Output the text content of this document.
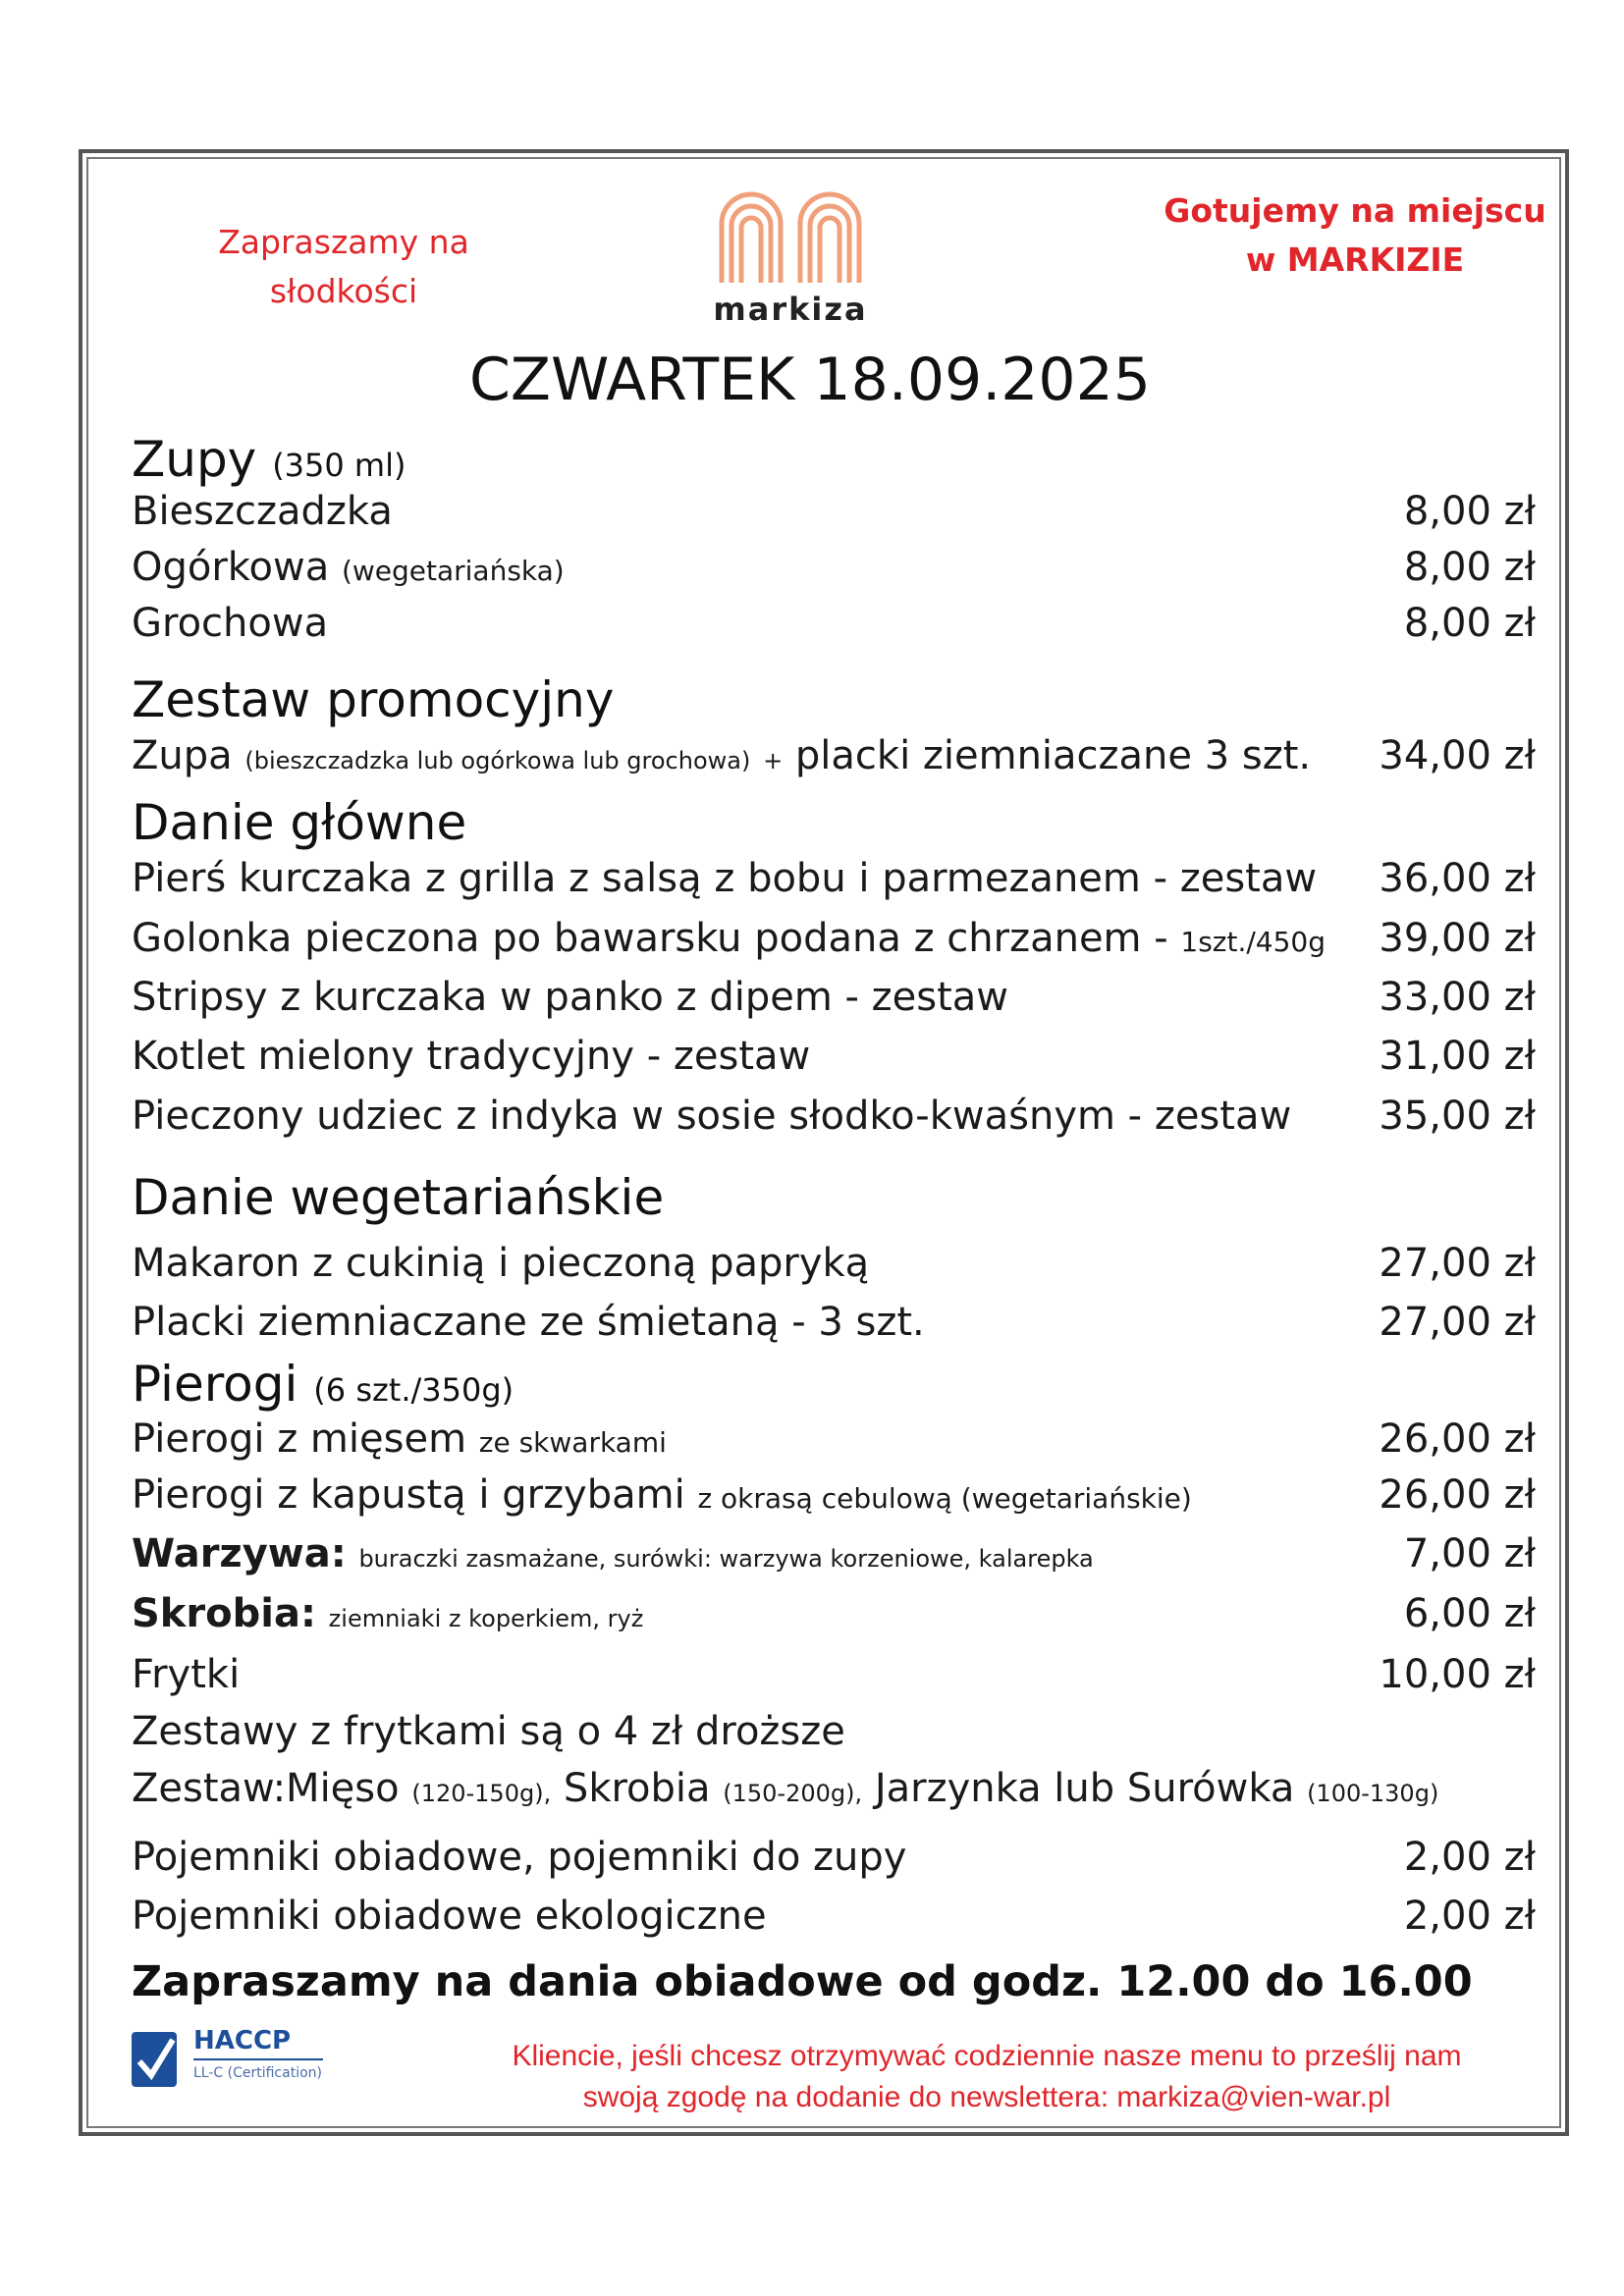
Zapraszamy na
słodkości	markiza
Gotujemy na miejscu
w MARKIZIE
CZWARTEK 18.09.2025
Zupy (350 ml)
Bieszczadzka	8,00 zł
Ogórkowa (wegetariańska)	8,00 zł
Grochowa	8,00 zł
Zestaw promocyjny
Zupa (bieszczadzka lub ogórkowa lub grochowa) + placki ziemniaczane 3 szt. 34,00 zł
Danie główne
Pierś kurczaka z grilla z salsą z bobu i parmezanem - zestaw 36,00 zł
Golonka pieczona po bawarsku podana z chrzanem - 1szt./450g 39,00 zł
Stripsy z kurczaka w panko z dipem - zestaw	33,00 zł
Kotlet mielony tradycyjny - zestaw	31,00 zł
Pieczony udziec z indyka w sosie słodko-kwaśnym - zestaw 35,00 zł
Danie wegetariańskie
Makaron z cukinią i pieczoną papryką	27,00 zł
Placki ziemniaczane ze śmietaną - 3 szt.	27,00 zł
Pierogi (6 szt./350g)
Pierogi z mięsem ze skwarkami	26,00 zł
Pierogi z kapustą i grzybami z okrasą cebulową (wegetariańskie)	26,00 zł
Warzywa: buraczki zasmażane, surówki: warzywa korzeniowe, kalarepka	7,00 zł
Skrobia: ziemniaki z koperkiem, ryż	6,00 zł
Frytki	10,00 zł
Zestawy z frytkami są o 4 zł droższe
Zestaw:Mięso (120-150g), Skrobia (150-200g), Jarzynka lub Surówka (100-130g)
Pojemniki obiadowe, pojemniki do zupy	2,00 zł
Pojemniki obiadowe ekologiczne	2,00 zł
Zapraszamy na dania obiadowe od godz. 12.00 do 16.00
HACCP
LL-C (Certification)
Kliencie, jeśli chcesz otrzymywać codziennie nasze menu to prześlij nam
swoją zgodę na dodanie do newslettera: markiza@vien-war.pl
